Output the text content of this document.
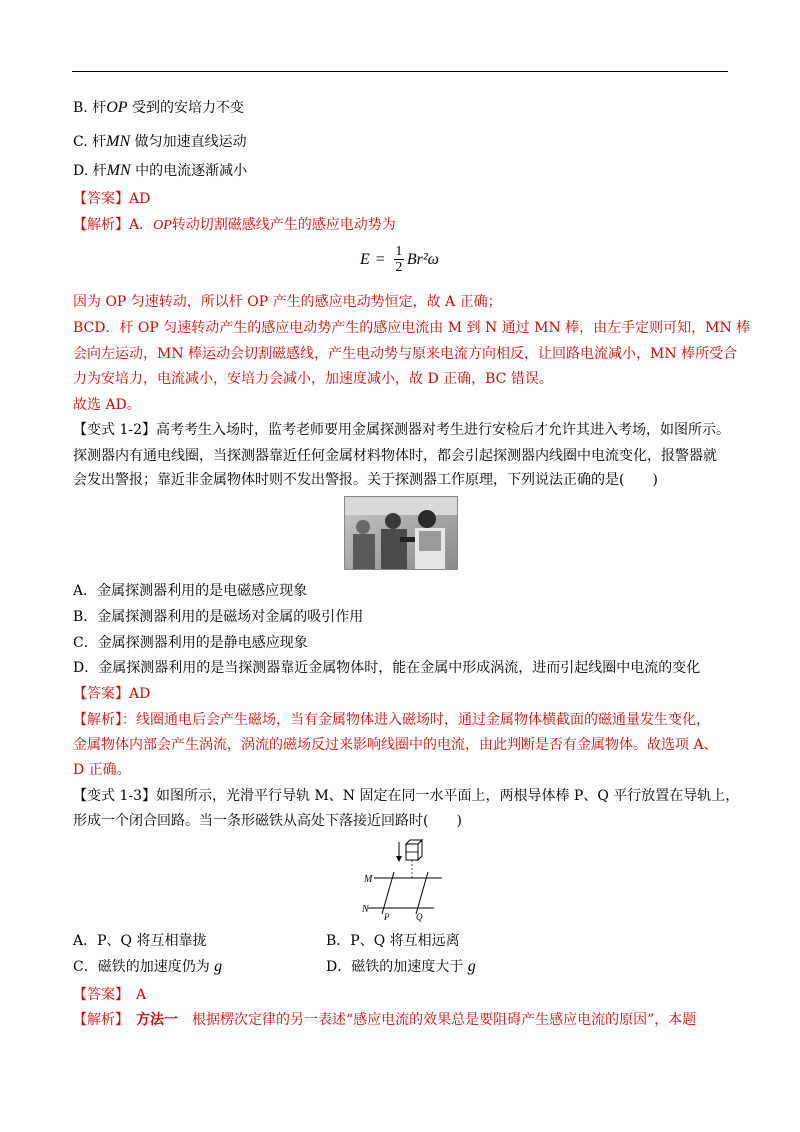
B. 杆OP 受到的安培力不变
C. 杆MN 做匀加速直线运动
D. 杆MN 中的电流逐渐减小
【答案】AD
【解析】A．OP转动切割磁感线产生的感应电动势为
$E = \frac{1}{2} Br^2\omega$
因为 OP 匀速转动，所以杆 OP 产生的感应电动势恒定，故 A 正确；
BCD．杆 OP 匀速转动产生的感应电动势产生的感应电流由 M 到 N 通过 MN 棒，由左手定则可知，MN 棒
会向左运动，MN 棒运动会切割磁感线，产生电动势与原来电流方向相反，让回路电流减小，MN 棒所受合
力为安培力，电流减小，安培力会减小，加速度减小，故 D 正确，BC 错误。
故选 AD。
【变式 1-2】高考考生入场时，监考老师要用金属探测器对考生进行安检后才允许其进入考场，如图所示。
探测器内有通电线圈，当探测器靠近任何金属材料物体时，都会引起探测器内线圈中电流变化，报警器就
会发出警报；靠近非金属物体时则不发出警报。关于探测器工作原理，下列说法正确的是(　　)
A．金属探测器利用的是电磁感应现象
B．金属探测器利用的是磁场对金属的吸引作用
C．金属探测器利用的是静电感应现象
D．金属探测器利用的是当探测器靠近金属物体时，能在金属中形成涡流，进而引起线圈中电流的变化
【答案】AD
【解析】：线圈通电后会产生磁场，当有金属物体进入磁场时，通过金属物体横截面的磁通量发生变化，
金属物体内部会产生涡流，涡流的磁场反过来影响线圈中的电流，由此判断是否有金属物体。故选项 A、
D 正确。
【变式 1-3】如图所示，光滑平行导轨 M、N 固定在同一水平面上，两根导体棒 P、Q 平行放置在导轨上，
形成一个闭合回路。当一条形磁铁从高处下落接近回路时(　　)
M
N
P	Q
A．P、Q 将互相靠拢	B．P、Q 将互相远离
C．磁铁的加速度仍为 g	D．磁铁的加速度大于 g
【答案】　A
【解析】　方法一　根据楞次定律的另一表述“感应电流的效果总是要阻碍产生感应电流的原因”，本题
